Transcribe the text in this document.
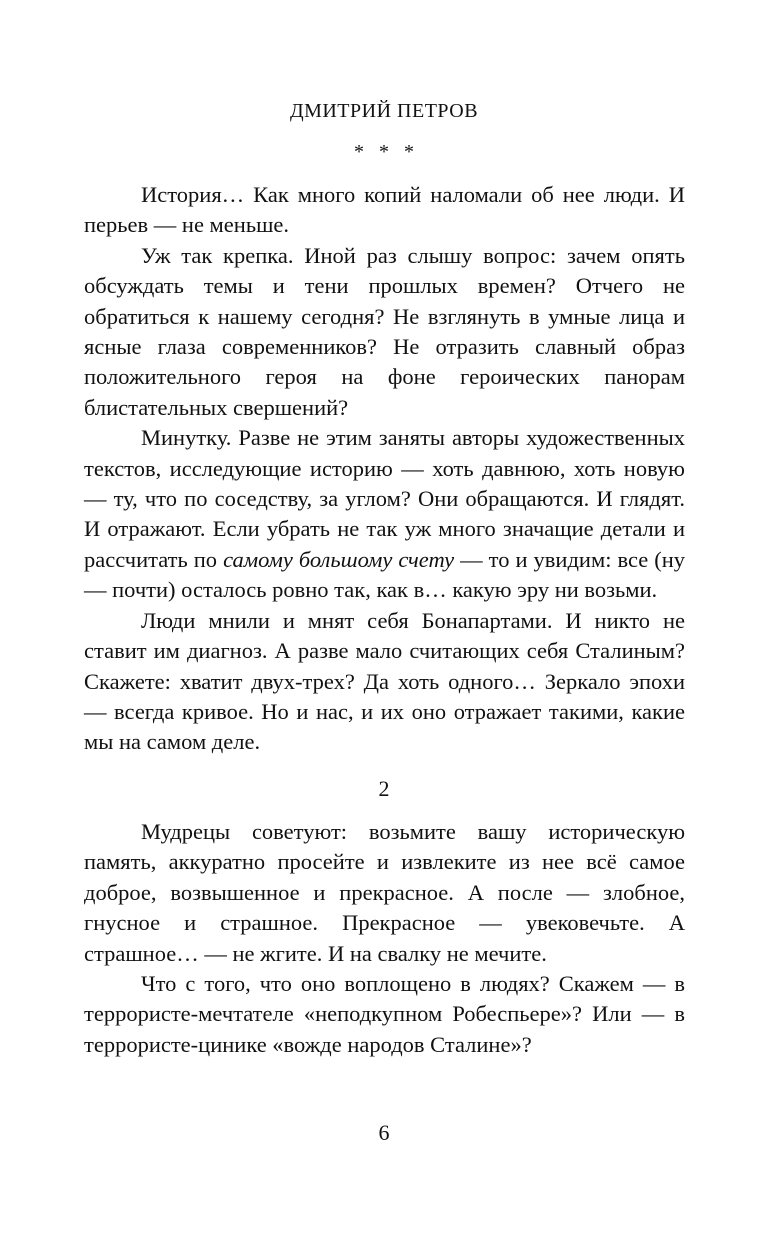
ДМИТРИЙ ПЕТРОВ
* * *

История… Как много копий наломали об нее люди. И перьев — не меньше.

Уж так крепка. Иной раз слышу вопрос: зачем опять обсуждать темы и тени прошлых времен? Отчего не обратиться к нашему сегодня? Не взглянуть в умные лица и ясные глаза современников? Не отразить славный образ положительного героя на фоне героических панорам блистательных свершений?

Минутку. Разве не этим заняты авторы художественных текстов, исследующие историю — хоть давнюю, хоть новую — ту, что по соседству, за углом? Они обращаются. И глядят. И отражают. Если убрать не так уж много значащие детали и рассчитать по самому большому счету — то и увидим: все (ну — почти) осталось ровно так, как в… какую эру ни возьми.

Люди мнили и мнят себя Бонапартами. И никто не ставит им диагноз. А разве мало считающих себя Сталиным? Скажете: хватит двух-трех? Да хоть одного… Зеркало эпохи — всегда кривое. Но и нас, и их оно отражает такими, какие мы на самом деле.

2

Мудрецы советуют: возьмите вашу историческую память, аккуратно просейте и извлеките из нее всё самое доброе, возвышенное и прекрасное. А после — злобное, гнусное и страшное. Прекрасное — увековечьте. А страшное… — не жгите. И на свалку не мечите.

Что с того, что оно воплощено в людях? Скажем — в террористе-мечтателе «неподкупном Робеспьере»? Или — в террористе-цинике «вожде народов Сталине»?

6
